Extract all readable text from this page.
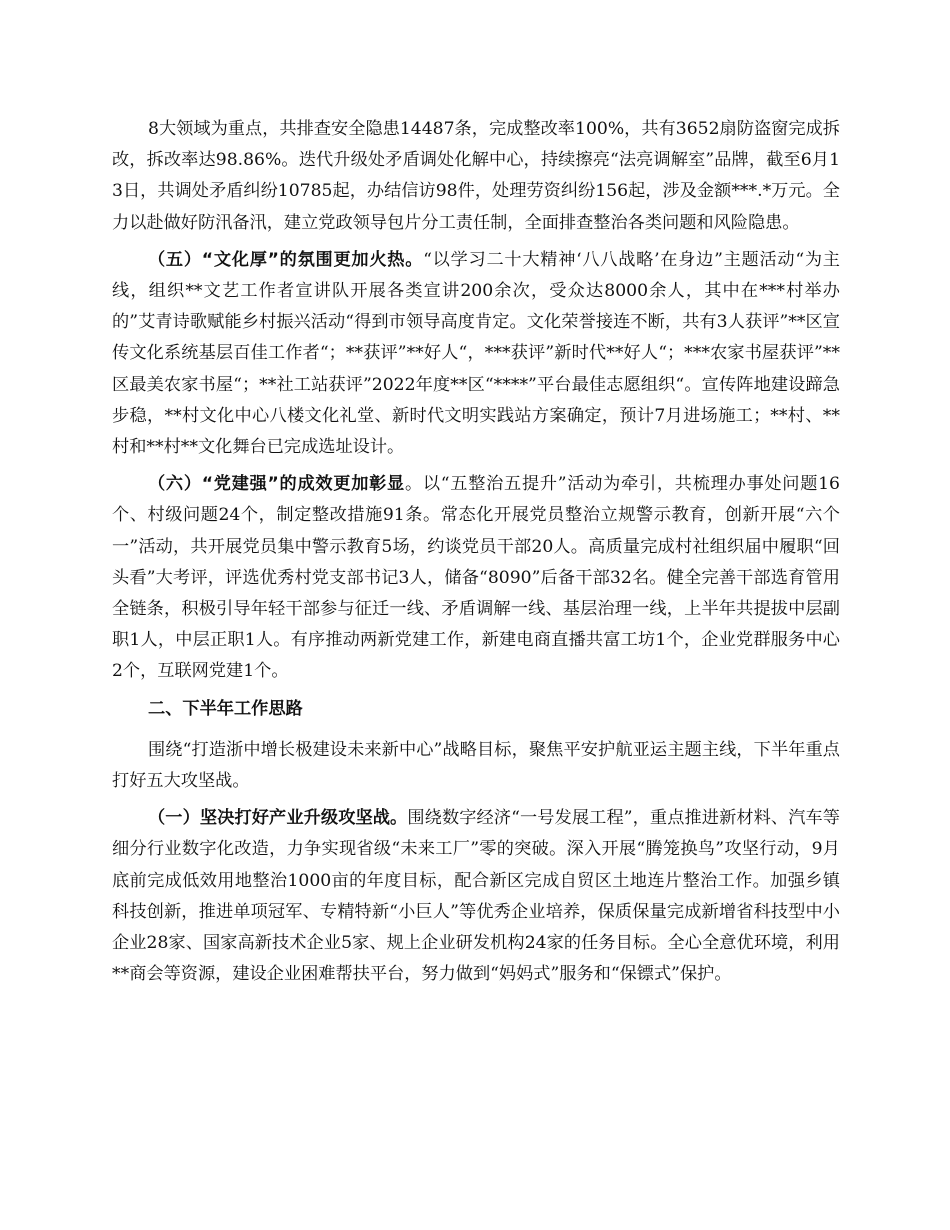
8大领域为重点，共排查安全隐患14487条，完成整改率100%，共有3652扇防盗窗完成拆改，拆改率达98.86%。迭代升级处矛盾调处化解中心，持续擦亮“法亮调解室”品牌，截至6月13日，共调处矛盾纠纷10785起，办结信访98件，处理劳资纠纷156起，涉及金额***.*万元。全力以赴做好防汛备汛，建立党政领导包片分工责任制，全面排查整治各类问题和风险隐患。

（五）“文化厚”的氛围更加火热。“以学习二十大精神‘八八战略’在身边”主题活动“为主线，组织**文艺工作者宣讲队开展各类宣讲200余次，受众达8000余人，其中在***村举办的”艾青诗歌赋能乡村振兴活动“得到市领导高度肯定。文化荣誉接连不断，共有3人获评”**区宣传文化系统基层百佳工作者“；**获评”**好人“，***获评”新时代**好人“；***农家书屋获评”**区最美农家书屋“；**社工站获评”2022年度**区“****”平台最佳志愿组织“。宣传阵地建设蹄急步稳，**村文化中心八楼文化礼堂、新时代文明实践站方案确定，预计7月进场施工；**村、**村和**村**文化舞台已完成选址设计。

（六）“党建强”的成效更加彰显。以“五整治五提升”活动为牵引，共梳理办事处问题16个、村级问题24个，制定整改措施91条。常态化开展党员整治立规警示教育，创新开展“六个一”活动，共开展党员集中警示教育5场，约谈党员干部20人。高质量完成村社组织届中履职“回头看”大考评，评选优秀村党支部书记3人，储备“8090”后备干部32名。健全完善干部选育管用全链条，积极引导年轻干部参与征迁一线、矛盾调解一线、基层治理一线，上半年共提拔中层副职1人，中层正职1人。有序推动两新党建工作，新建电商直播共富工坊1个，企业党群服务中心2个，互联网党建1个。

二、下半年工作思路

围绕“打造浙中增长极建设未来新中心”战略目标，聚焦平安护航亚运主题主线，下半年重点打好五大攻坚战。

（一）坚决打好产业升级攻坚战。围绕数字经济“一号发展工程”，重点推进新材料、汽车等细分行业数字化改造，力争实现省级“未来工厂”零的突破。深入开展“腾笼换鸟”攻坚行动，9月底前完成低效用地整治1000亩的年度目标，配合新区完成自贸区土地连片整治工作。加强乡镇科技创新，推进单项冠军、专精特新“小巨人”等优秀企业培养，保质保量完成新增省科技型中小企业28家、国家高新技术企业5家、规上企业研发机构24家的任务目标。全心全意优环境，利用**商会等资源，建设企业困难帮扶平台，努力做到“妈妈式”服务和“保镖式”保护。
